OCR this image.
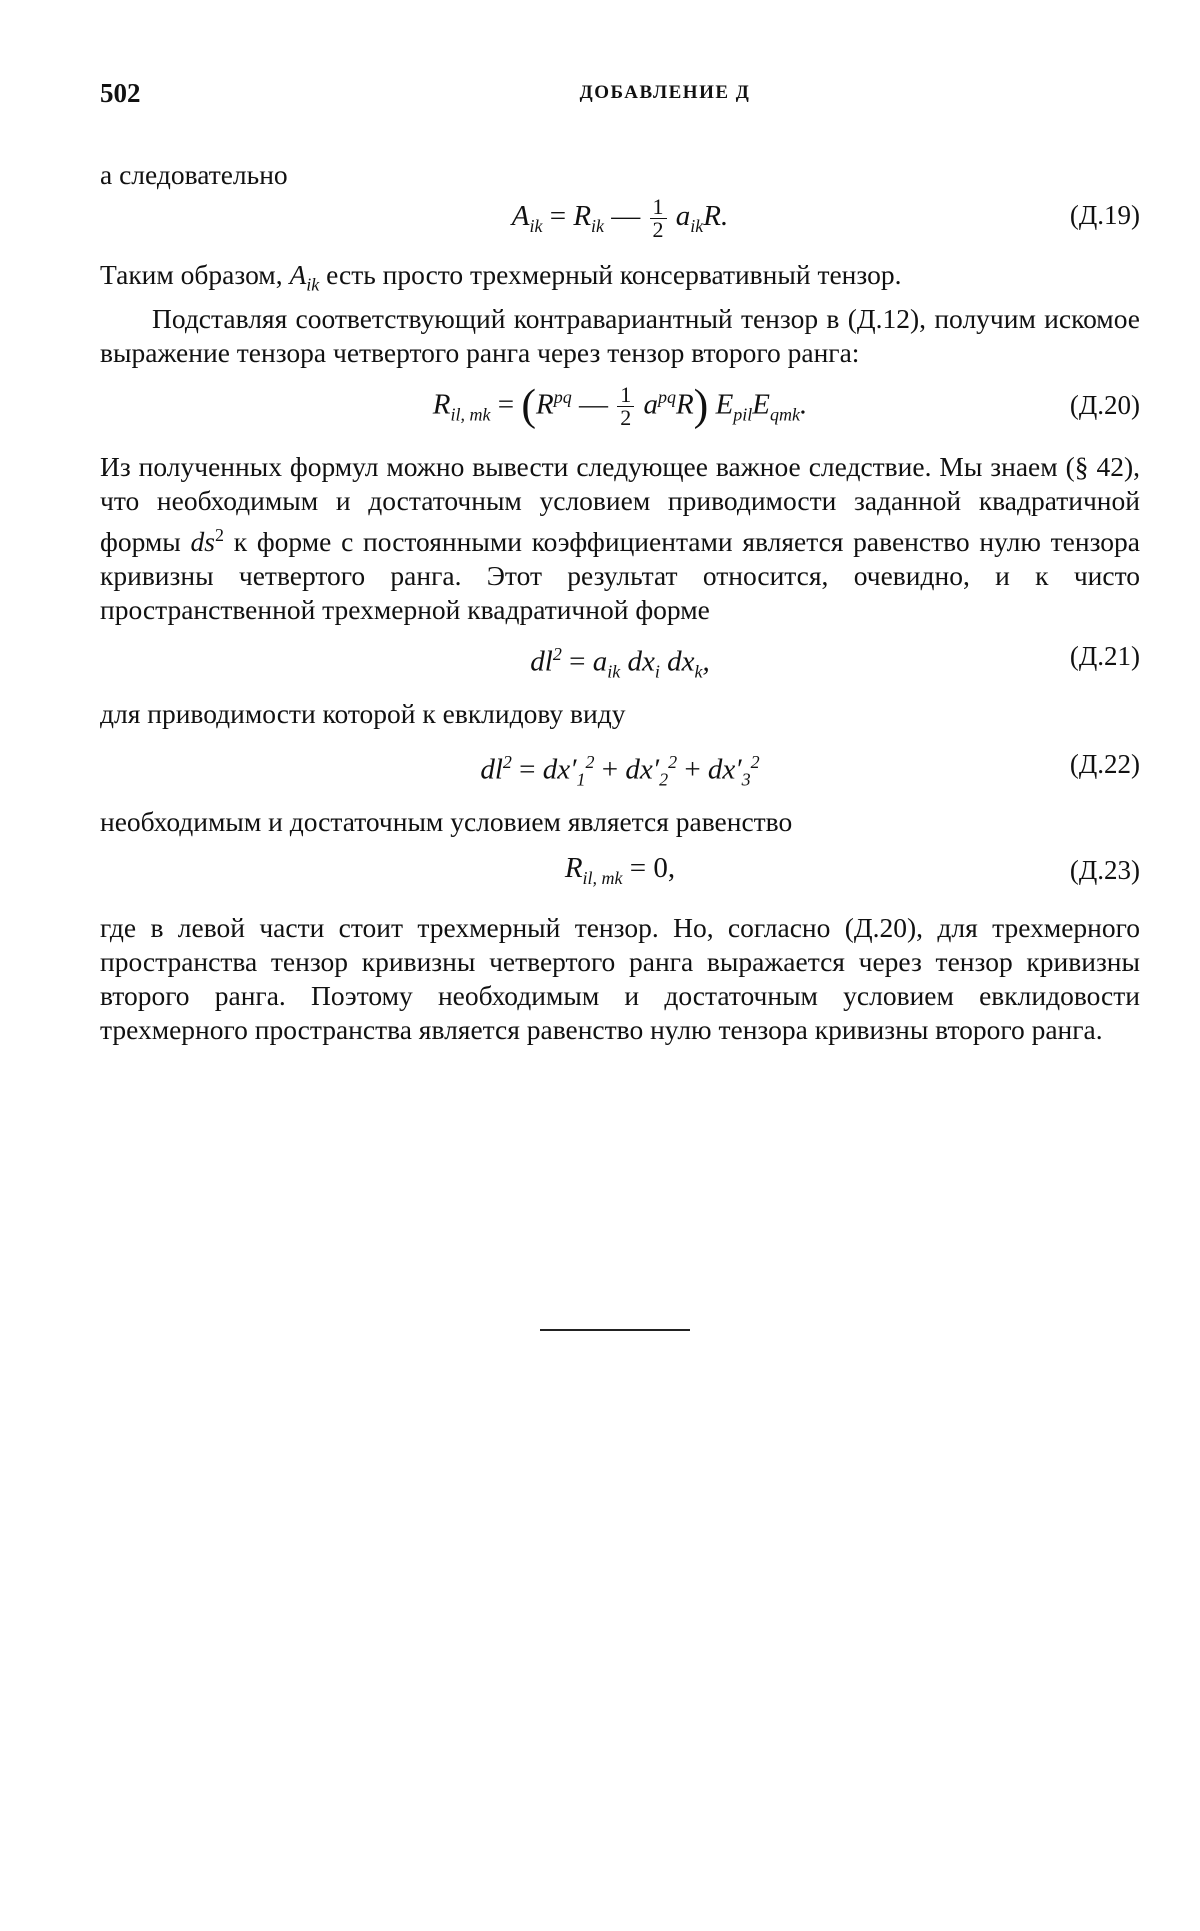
502	ДОБАВЛЕНИЕ Д

а следовательно

$A_{ik} = R_{ik}$ — $\frac{1}{2} a_{ik}R$.	(Д.19)

Таким образом, $A_{ik}$ есть просто трехмерный консервативный тензор.

Подставляя соответствующий контравариантный тензор в (Д.12), получим искомое выражение тензора четвертого ранга через тензор второго ранга:

$R_{il, mk} = (R^{pq}$ — $\frac{1}{2} a^{pq}R$) $E_{pil}E_{qmk}$.	(Д.20)

Из полученных формул можно вывести следующее важное следствие. Мы знаем (§ 42), что необходимым и достаточным условием приводимости заданной квадратичной формы $ds^2$ к форме с постоянными коэффициентами является равенство нулю тензора кривизны четвертого ранга. Этот результат относится, очевидно, и к чисто пространственной трехмерной квадратичной форме

$dl^2 = a_{ik}$ $dx_i$ $dx_k$,	(Д.21)

для приводимости которой к евклидову виду

$dl^2 = dx'_1^2 + dx'_2^2 + dx'_3^2$	(Д.22)

необходимым и достаточным условием является равенство

$R_{il, mk} = 0$,	(Д.23)

где в левой части стоит трехмерный тензор. Но, согласно (Д.20), для трехмерного пространства тензор кривизны четвертого ранга выражается через тензор кривизны второго ранга. Поэтому необходимым и достаточным условием евклидовости трехмерного пространства является равенство нулю тензора кривизны второго ранга.
